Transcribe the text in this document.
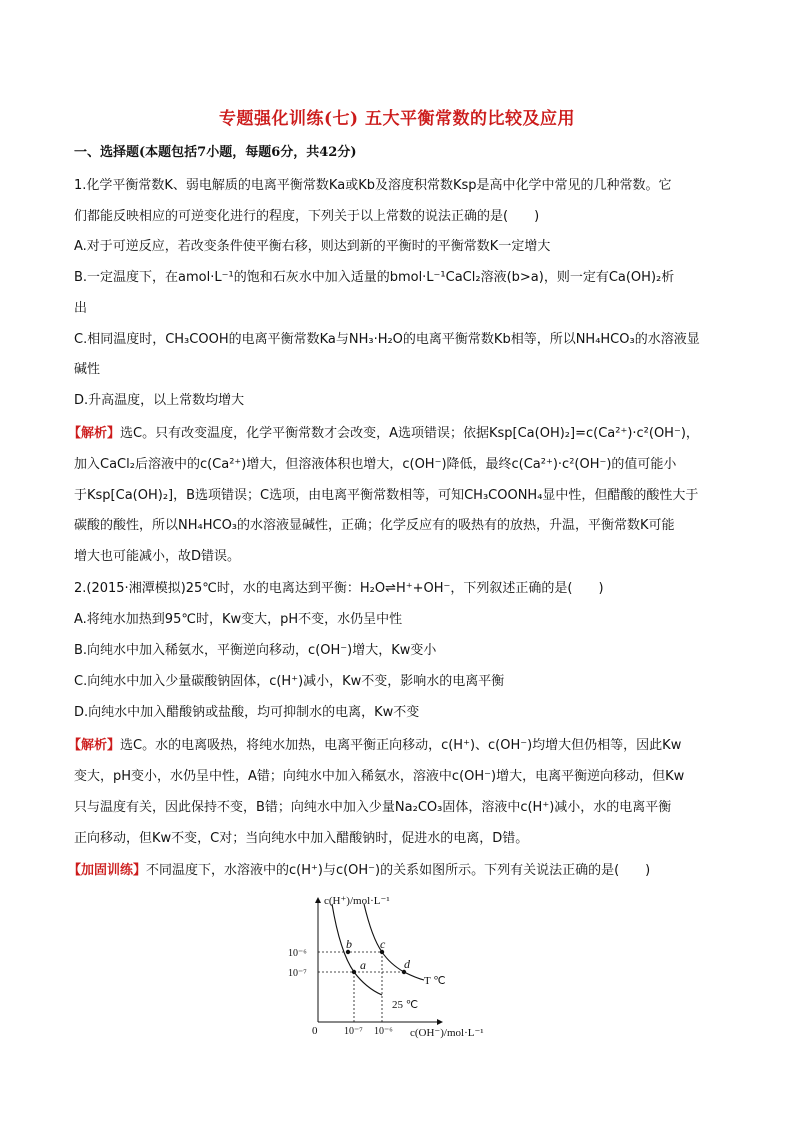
专题强化训练(七) 五大平衡常数的比较及应用
一、选择题(本题包括7小题，每题6分，共42分)
1.化学平衡常数K、弱电解质的电离平衡常数Ka或Kb及溶度积常数Ksp是高中化学中常见的几种常数。它
们都能反映相应的可逆变化进行的程度，下列关于以上常数的说法正确的是(　　)
A.对于可逆反应，若改变条件使平衡右移，则达到新的平衡时的平衡常数K一定增大
B.一定温度下，在amol·L⁻¹的饱和石灰水中加入适量的bmol·L⁻¹CaCl₂溶液(b>a)，则一定有Ca(OH)₂析
出
C.相同温度时，CH₃COOH的电离平衡常数Ka与NH₃·H₂O的电离平衡常数Kb相等，所以NH₄HCO₃的水溶液显
碱性
D.升高温度，以上常数均增大
【解析】选C。只有改变温度，化学平衡常数才会改变，A选项错误；依据Ksp[Ca(OH)₂]=c(Ca²⁺)·c²(OH⁻)，
加入CaCl₂后溶液中的c(Ca²⁺)增大，但溶液体积也增大，c(OH⁻)降低，最终c(Ca²⁺)·c²(OH⁻)的值可能小
于Ksp[Ca(OH)₂]，B选项错误；C选项，由电离平衡常数相等，可知CH₃COONH₄显中性，但醋酸的酸性大于
碳酸的酸性，所以NH₄HCO₃的水溶液显碱性，正确；化学反应有的吸热有的放热，升温，平衡常数K可能
增大也可能减小，故D错误。
2.(2015·湘潭模拟)25℃时，水的电离达到平衡：H₂O⇌H⁺+OH⁻，下列叙述正确的是(　　)
A.将纯水加热到95℃时，Kw变大，pH不变，水仍呈中性
B.向纯水中加入稀氨水，平衡逆向移动，c(OH⁻)增大，Kw变小
C.向纯水中加入少量碳酸钠固体，c(H⁺)减小，Kw不变，影响水的电离平衡
D.向纯水中加入醋酸钠或盐酸，均可抑制水的电离，Kw不变
【解析】选C。水的电离吸热，将纯水加热，电离平衡正向移动，c(H⁺)、c(OH⁻)均增大但仍相等，因此Kw
变大，pH变小，水仍呈中性，A错；向纯水中加入稀氨水，溶液中c(OH⁻)增大，电离平衡逆向移动，但Kw
只与温度有关，因此保持不变，B错；向纯水中加入少量Na₂CO₃固体，溶液中c(H⁺)减小，水的电离平衡
正向移动，但Kw不变，C对；当向纯水中加入醋酸钠时，促进水的电离，D错。
【加固训练】不同温度下，水溶液中的c(H⁺)与c(OH⁻)的关系如图所示。下列有关说法正确的是(　　)
a
b c
d
T ℃
25 ℃
10⁻⁶
10⁻⁷
10⁻⁷ 10⁻⁶
0
c(H⁺)/mol·L⁻¹
c(OH⁻)/mol·L⁻¹
